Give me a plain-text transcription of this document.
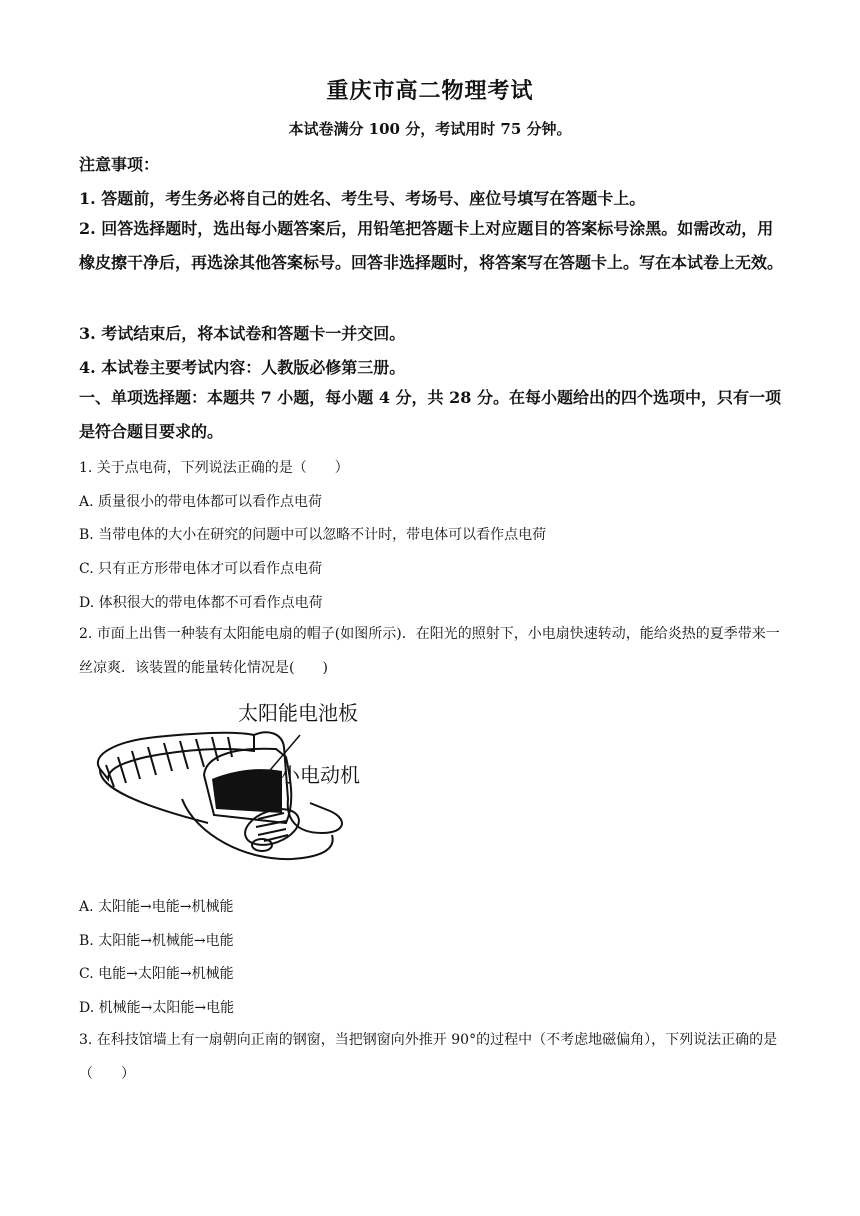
重庆市高二物理考试
本试卷满分 100 分，考试用时 75 分钟。
注意事项：
1. 答题前，考生务必将自己的姓名、考生号、考场号、座位号填写在答题卡上。
2. 回答选择题时，选出每小题答案后，用铅笔把答题卡上对应题目的答案标号涂黑。如需改动，用橡皮擦干净后，再选涂其他答案标号。回答非选择题时，将答案写在答题卡上。写在本试卷上无效。
3. 考试结束后，将本试卷和答题卡一并交回。
4. 本试卷主要考试内容：人教版必修第三册。
一、单项选择题：本题共 7 小题，每小题 4 分，共 28 分。在每小题给出的四个选项中，只有一项是符合题目要求的。
1. 关于点电荷，下列说法正确的是（　　）
A. 质量很小的带电体都可以看作点电荷
B. 当带电体的大小在研究的问题中可以忽略不计时，带电体可以看作点电荷
C. 只有正方形带电体才可以看作点电荷
D. 体积很大的带电体都不可看作点电荷
2. 市面上出售一种装有太阳能电扇的帽子(如图所示)．在阳光的照射下，小电扇快速转动，能给炎热的夏季带来一丝凉爽．该装置的能量转化情况是(　　)
太阳能电池板
小电动机
A. 太阳能→电能→机械能
B. 太阳能→机械能→电能
C. 电能→太阳能→机械能
D. 机械能→太阳能→电能
3. 在科技馆墙上有一扇朝向正南的钢窗，当把钢窗向外推开 90°的过程中（不考虑地磁偏角），下列说法正确的是（　　）
